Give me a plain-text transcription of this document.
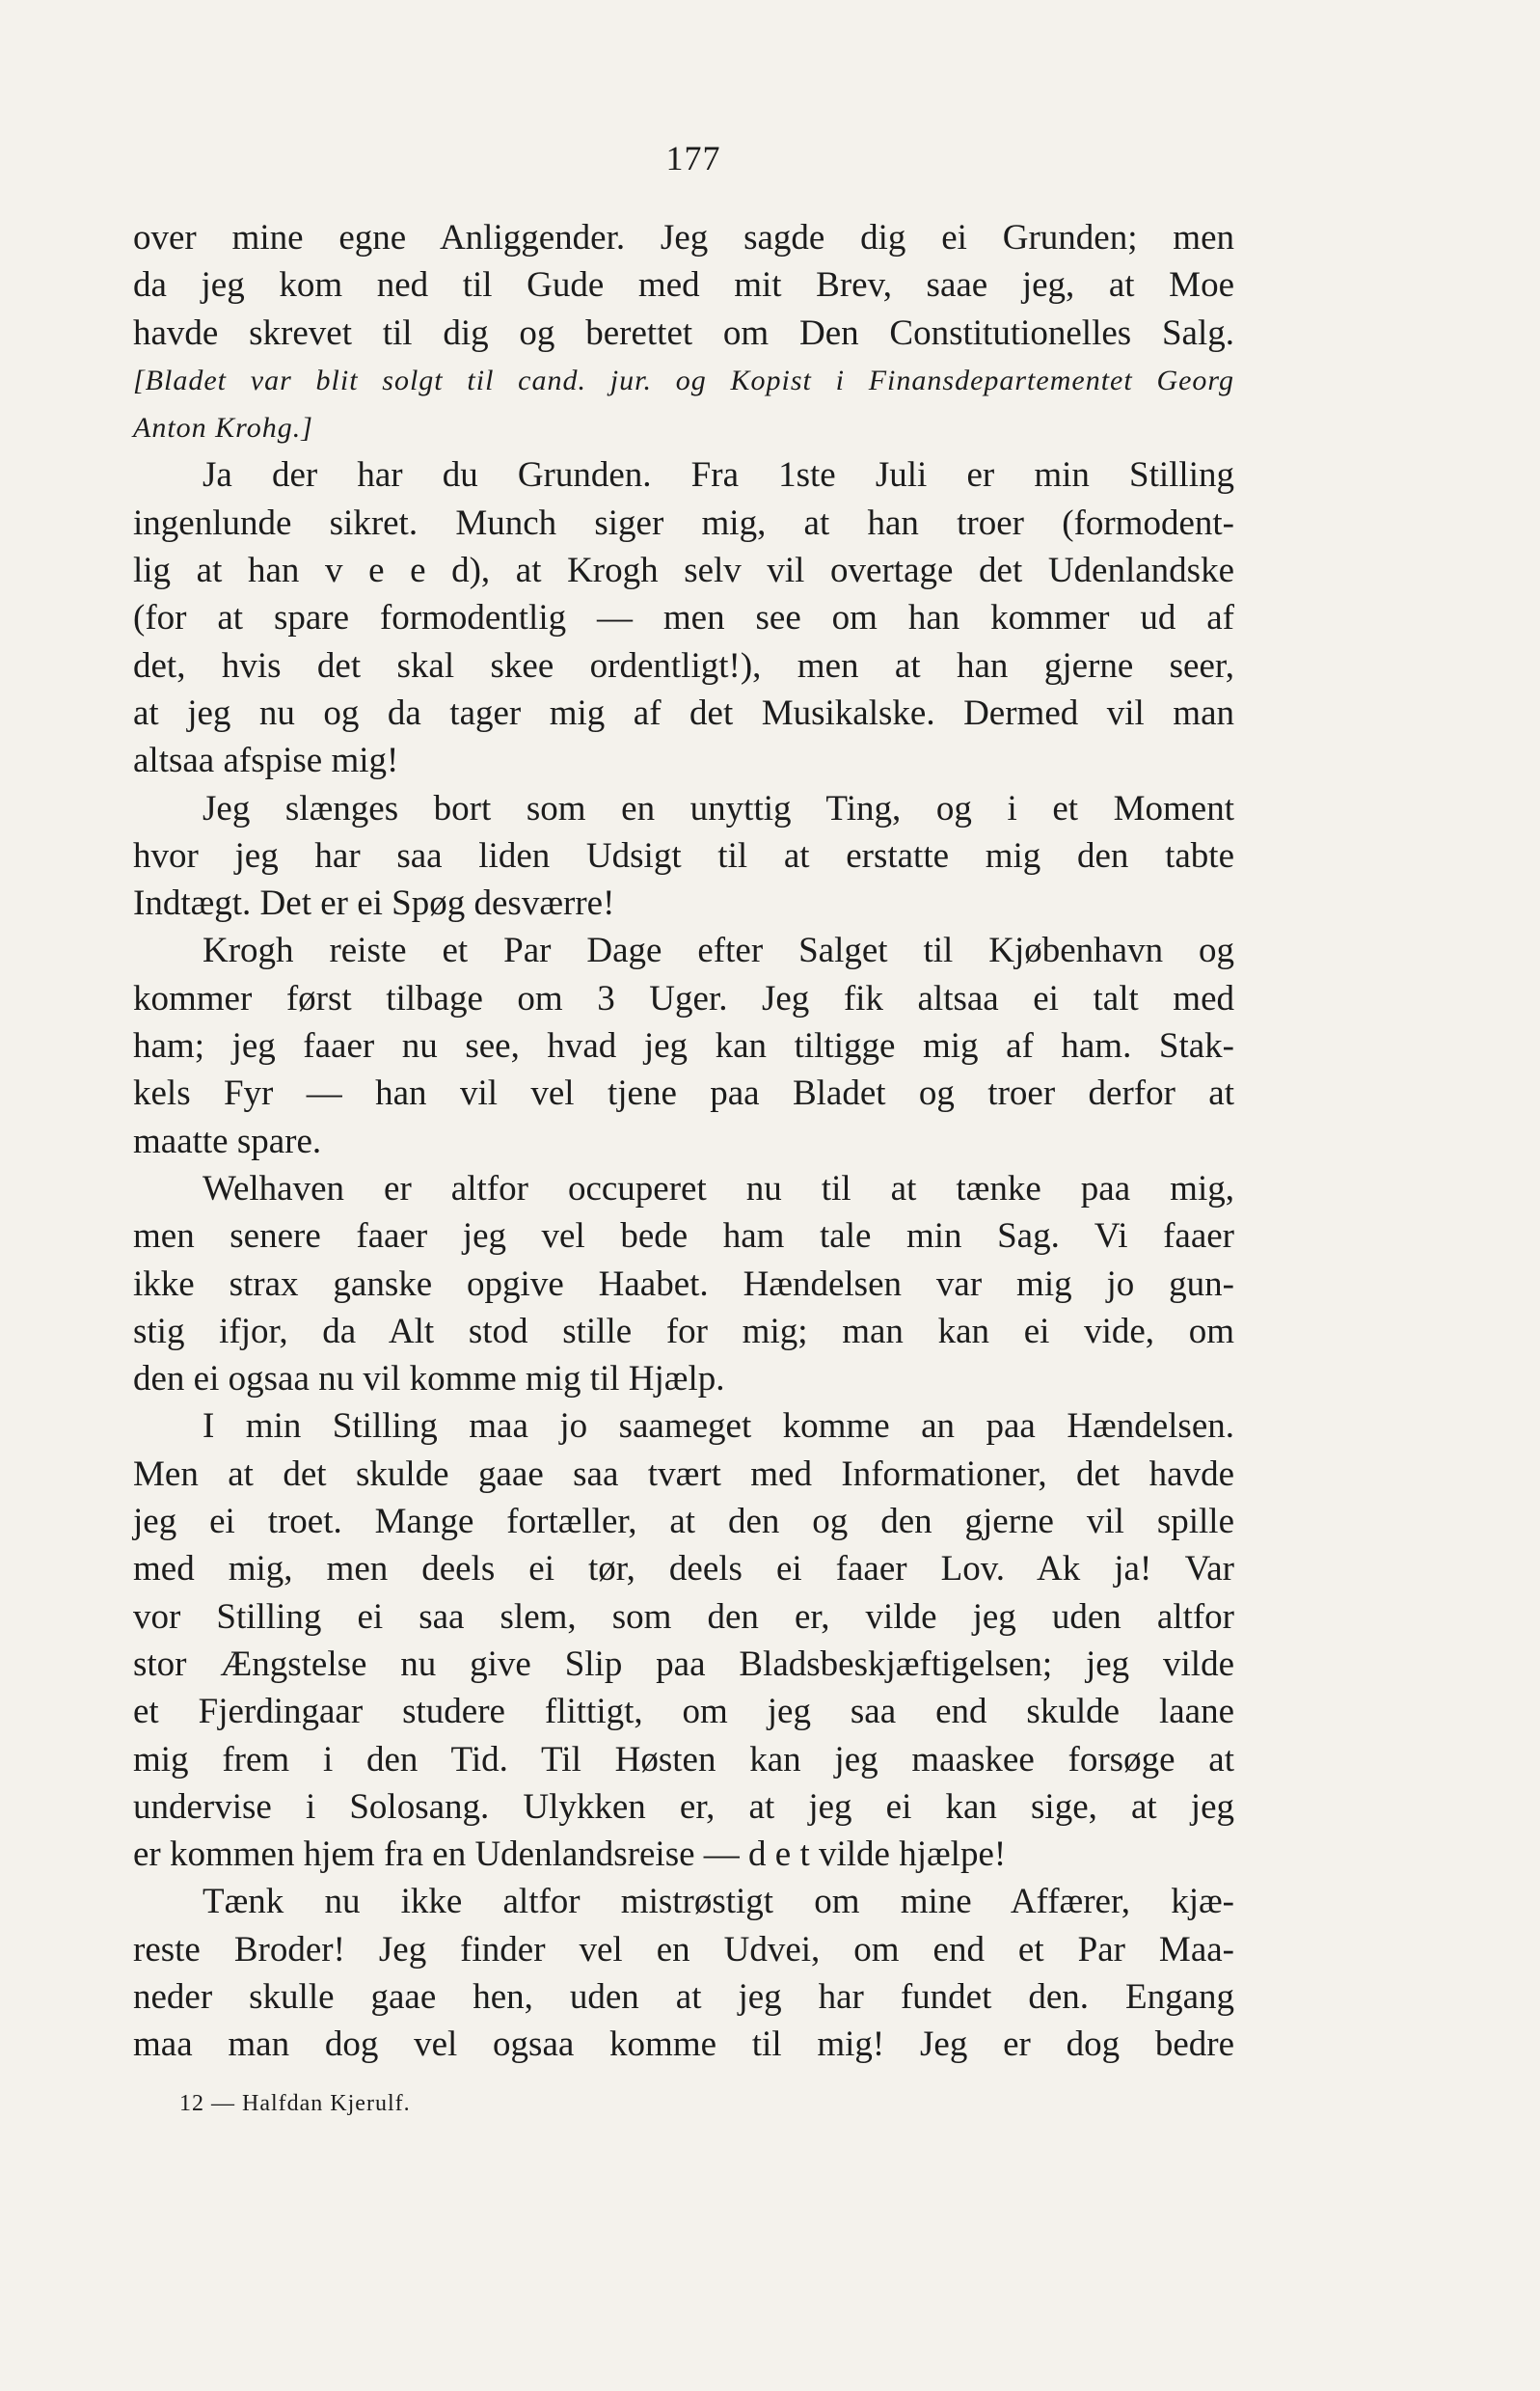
177
over mine egne Anliggender. Jeg sagde dig ei Grunden; men
da jeg kom ned til Gude med mit Brev, saae jeg, at Moe
havde skrevet til dig og berettet om Den Constitutionelles Salg.
[Bladet var blit solgt til cand. jur. og Kopist i Finansdepartementet Georg
Anton Krohg.]
Ja der har du Grunden. Fra 1ste Juli er min Stilling
ingenlunde sikret. Munch siger mig, at han troer (formodent-
lig at han v e e d), at Krogh selv vil overtage det Udenlandske
(for at spare formodentlig — men see om han kommer ud af
det, hvis det skal skee ordentligt!), men at han gjerne seer,
at jeg nu og da tager mig af det Musikalske. Dermed vil man
altsaa afspise mig!
Jeg slænges bort som en unyttig Ting, og i et Moment
hvor jeg har saa liden Udsigt til at erstatte mig den tabte
Indtægt. Det er ei Spøg desværre!
Krogh reiste et Par Dage efter Salget til Kjøbenhavn og
kommer først tilbage om 3 Uger. Jeg fik altsaa ei talt med
ham; jeg faaer nu see, hvad jeg kan tiltigge mig af ham. Stak-
kels Fyr — han vil vel tjene paa Bladet og troer derfor at
maatte spare.
Welhaven er altfor occuperet nu til at tænke paa mig,
men senere faaer jeg vel bede ham tale min Sag. Vi faaer
ikke strax ganske opgive Haabet. Hændelsen var mig jo gun-
stig ifjor, da Alt stod stille for mig; man kan ei vide, om
den ei ogsaa nu vil komme mig til Hjælp.
I min Stilling maa jo saameget komme an paa Hændelsen.
Men at det skulde gaae saa tvært med Informationer, det havde
jeg ei troet. Mange fortæller, at den og den gjerne vil spille
med mig, men deels ei tør, deels ei faaer Lov. Ak ja! Var
vor Stilling ei saa slem, som den er, vilde jeg uden altfor
stor Ængstelse nu give Slip paa Bladsbeskjæftigelsen; jeg vilde
et Fjerdingaar studere flittigt, om jeg saa end skulde laane
mig frem i den Tid. Til Høsten kan jeg maaskee forsøge at
undervise i Solosang. Ulykken er, at jeg ei kan sige, at jeg
er kommen hjem fra en Udenlandsreise — d e t vilde hjælpe!
Tænk nu ikke altfor mistrøstigt om mine Affærer, kjæ-
reste Broder! Jeg finder vel en Udvei, om end et Par Maa-
neder skulle gaae hen, uden at jeg har fundet den. Engang
maa man dog vel ogsaa komme til mig! Jeg er dog bedre
12 — Halfdan Kjerulf.
